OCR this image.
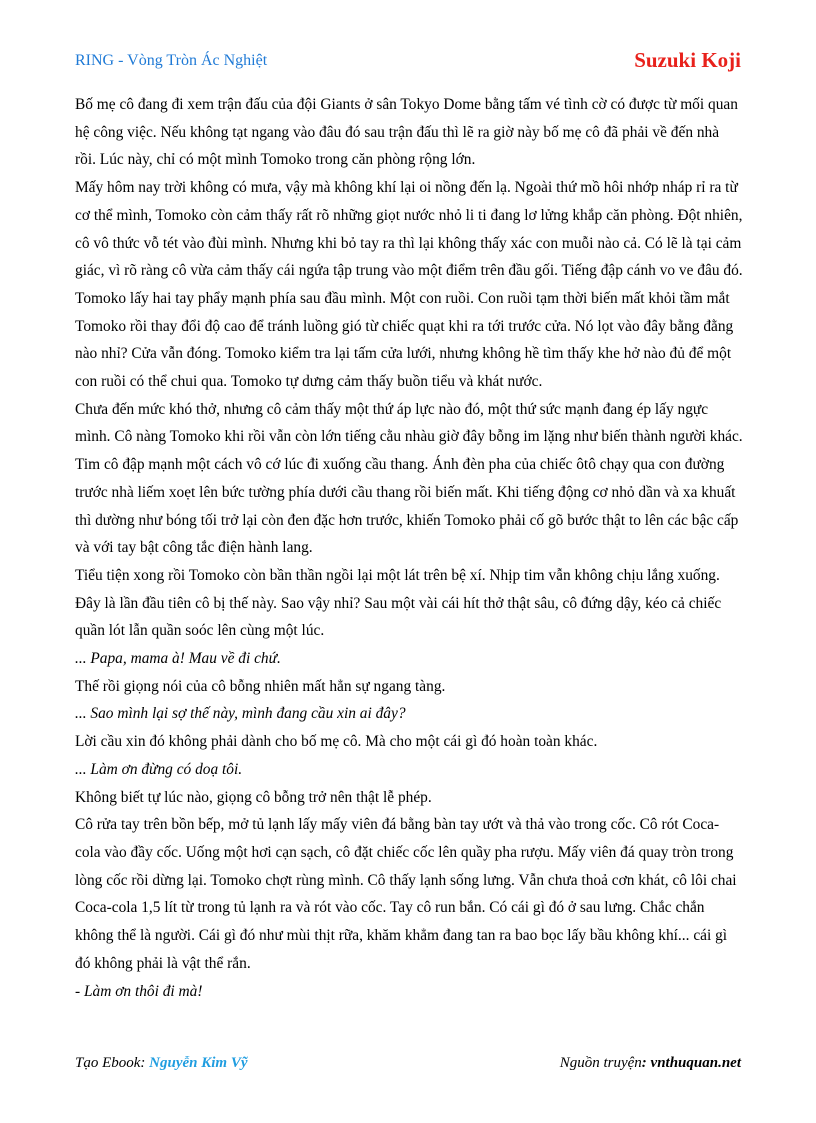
RING - Vòng Tròn Ác Nghiệt	Suzuki Koji

Bố mẹ cô đang đi xem trận đấu của đội Giants ở sân Tokyo Dome bằng tấm vé tình cờ có được từ mối quan hệ công việc. Nếu không tạt ngang vào đâu đó sau trận đấu thì lẽ ra giờ này bố mẹ cô đã phải về đến nhà rồi. Lúc này, chỉ có một mình Tomoko trong căn phòng rộng lớn.

Mấy hôm nay trời không có mưa, vậy mà không khí lại oi nồng đến lạ. Ngoài thứ mồ hôi nhớp nháp rỉ ra từ cơ thể mình, Tomoko còn cảm thấy rất rõ những giọt nước nhỏ li ti đang lơ lửng khắp căn phòng. Đột nhiên, cô vô thức vỗ tét vào đùi mình. Nhưng khi bỏ tay ra thì lại không thấy xác con muỗi nào cả. Có lẽ là tại cảm giác, vì rõ ràng cô vừa cảm thấy cái ngứa tập trung vào một điểm trên đầu gối. Tiếng đập cánh vo ve đâu đó. Tomoko lấy hai tay phẩy mạnh phía sau đầu mình. Một con ruồi. Con ruồi tạm thời biến mất khỏi tầm mắt Tomoko rồi thay đổi độ cao để tránh luồng gió từ chiếc quạt khi ra tới trước cửa. Nó lọt vào đây bằng đằng nào nhỉ? Cửa vẫn đóng. Tomoko kiểm tra lại tấm cửa lưới, nhưng không hề tìm thấy khe hở nào đủ để một con ruồi có thể chui qua. Tomoko tự dưng cảm thấy buồn tiểu và khát nước.

Chưa đến mức khó thở, nhưng cô cảm thấy một thứ áp lực nào đó, một thứ sức mạnh đang ép lấy ngực mình. Cô nàng Tomoko khi rồi vẫn còn lớn tiếng cằu nhàu giờ đây bỗng im lặng như biến thành người khác. Tim cô đập mạnh một cách vô cớ lúc đi xuống cầu thang. Ánh đèn pha của chiếc ôtô chạy qua con đường trước nhà liếm xoẹt lên bức tường phía dưới cầu thang rồi biến mất. Khi tiếng động cơ nhỏ dần và xa khuất thì dường như bóng tối trở lại còn đen đặc hơn trước, khiến Tomoko phải cố gõ bước thật to lên các bậc cấp và với tay bật công tắc điện hành lang.

Tiểu tiện xong rồi Tomoko còn bần thần ngồi lại một lát trên bệ xí. Nhịp tim vẫn không chịu lắng xuống. Đây là lần đầu tiên cô bị thế này. Sao vậy nhỉ? Sau một vài cái hít thở thật sâu, cô đứng dậy, kéo cả chiếc quần lót lẫn quần soóc lên cùng một lúc.

... Papa, mama à! Mau về đi chứ.

Thế rồi giọng nói của cô bỗng nhiên mất hẳn sự ngang tàng.

... Sao mình lại sợ thế này, mình đang cầu xin ai đây?

Lời cầu xin đó không phải dành cho bố mẹ cô. Mà cho một cái gì đó hoàn toàn khác.

... Làm ơn đừng có doạ tôi.

Không biết tự lúc nào, giọng cô bỗng trở nên thật lễ phép.

Cô rửa tay trên bồn bếp, mở tủ lạnh lấy mấy viên đá bằng bàn tay ướt và thả vào trong cốc. Cô rót Coca-cola vào đầy cốc. Uống một hơi cạn sạch, cô đặt chiếc cốc lên quầy pha rượu. Mấy viên đá quay tròn trong lòng cốc rồi dừng lại. Tomoko chợt rùng mình. Cô thấy lạnh sống lưng. Vẫn chưa thoả cơn khát, cô lôi chai Coca-cola 1,5 lít từ trong tủ lạnh ra và rót vào cốc. Tay cô run bắn. Có cái gì đó ở sau lưng. Chắc chắn không thể là người. Cái gì đó như mùi thịt rữa, khăm khẳm đang tan ra bao bọc lấy bầu không khí... cái gì đó không phải là vật thể rắn.

- Làm ơn thôi đi mà!

Tạo Ebook: Nguyễn Kim Vỹ	Nguồn truyện: vnthuquan.net
